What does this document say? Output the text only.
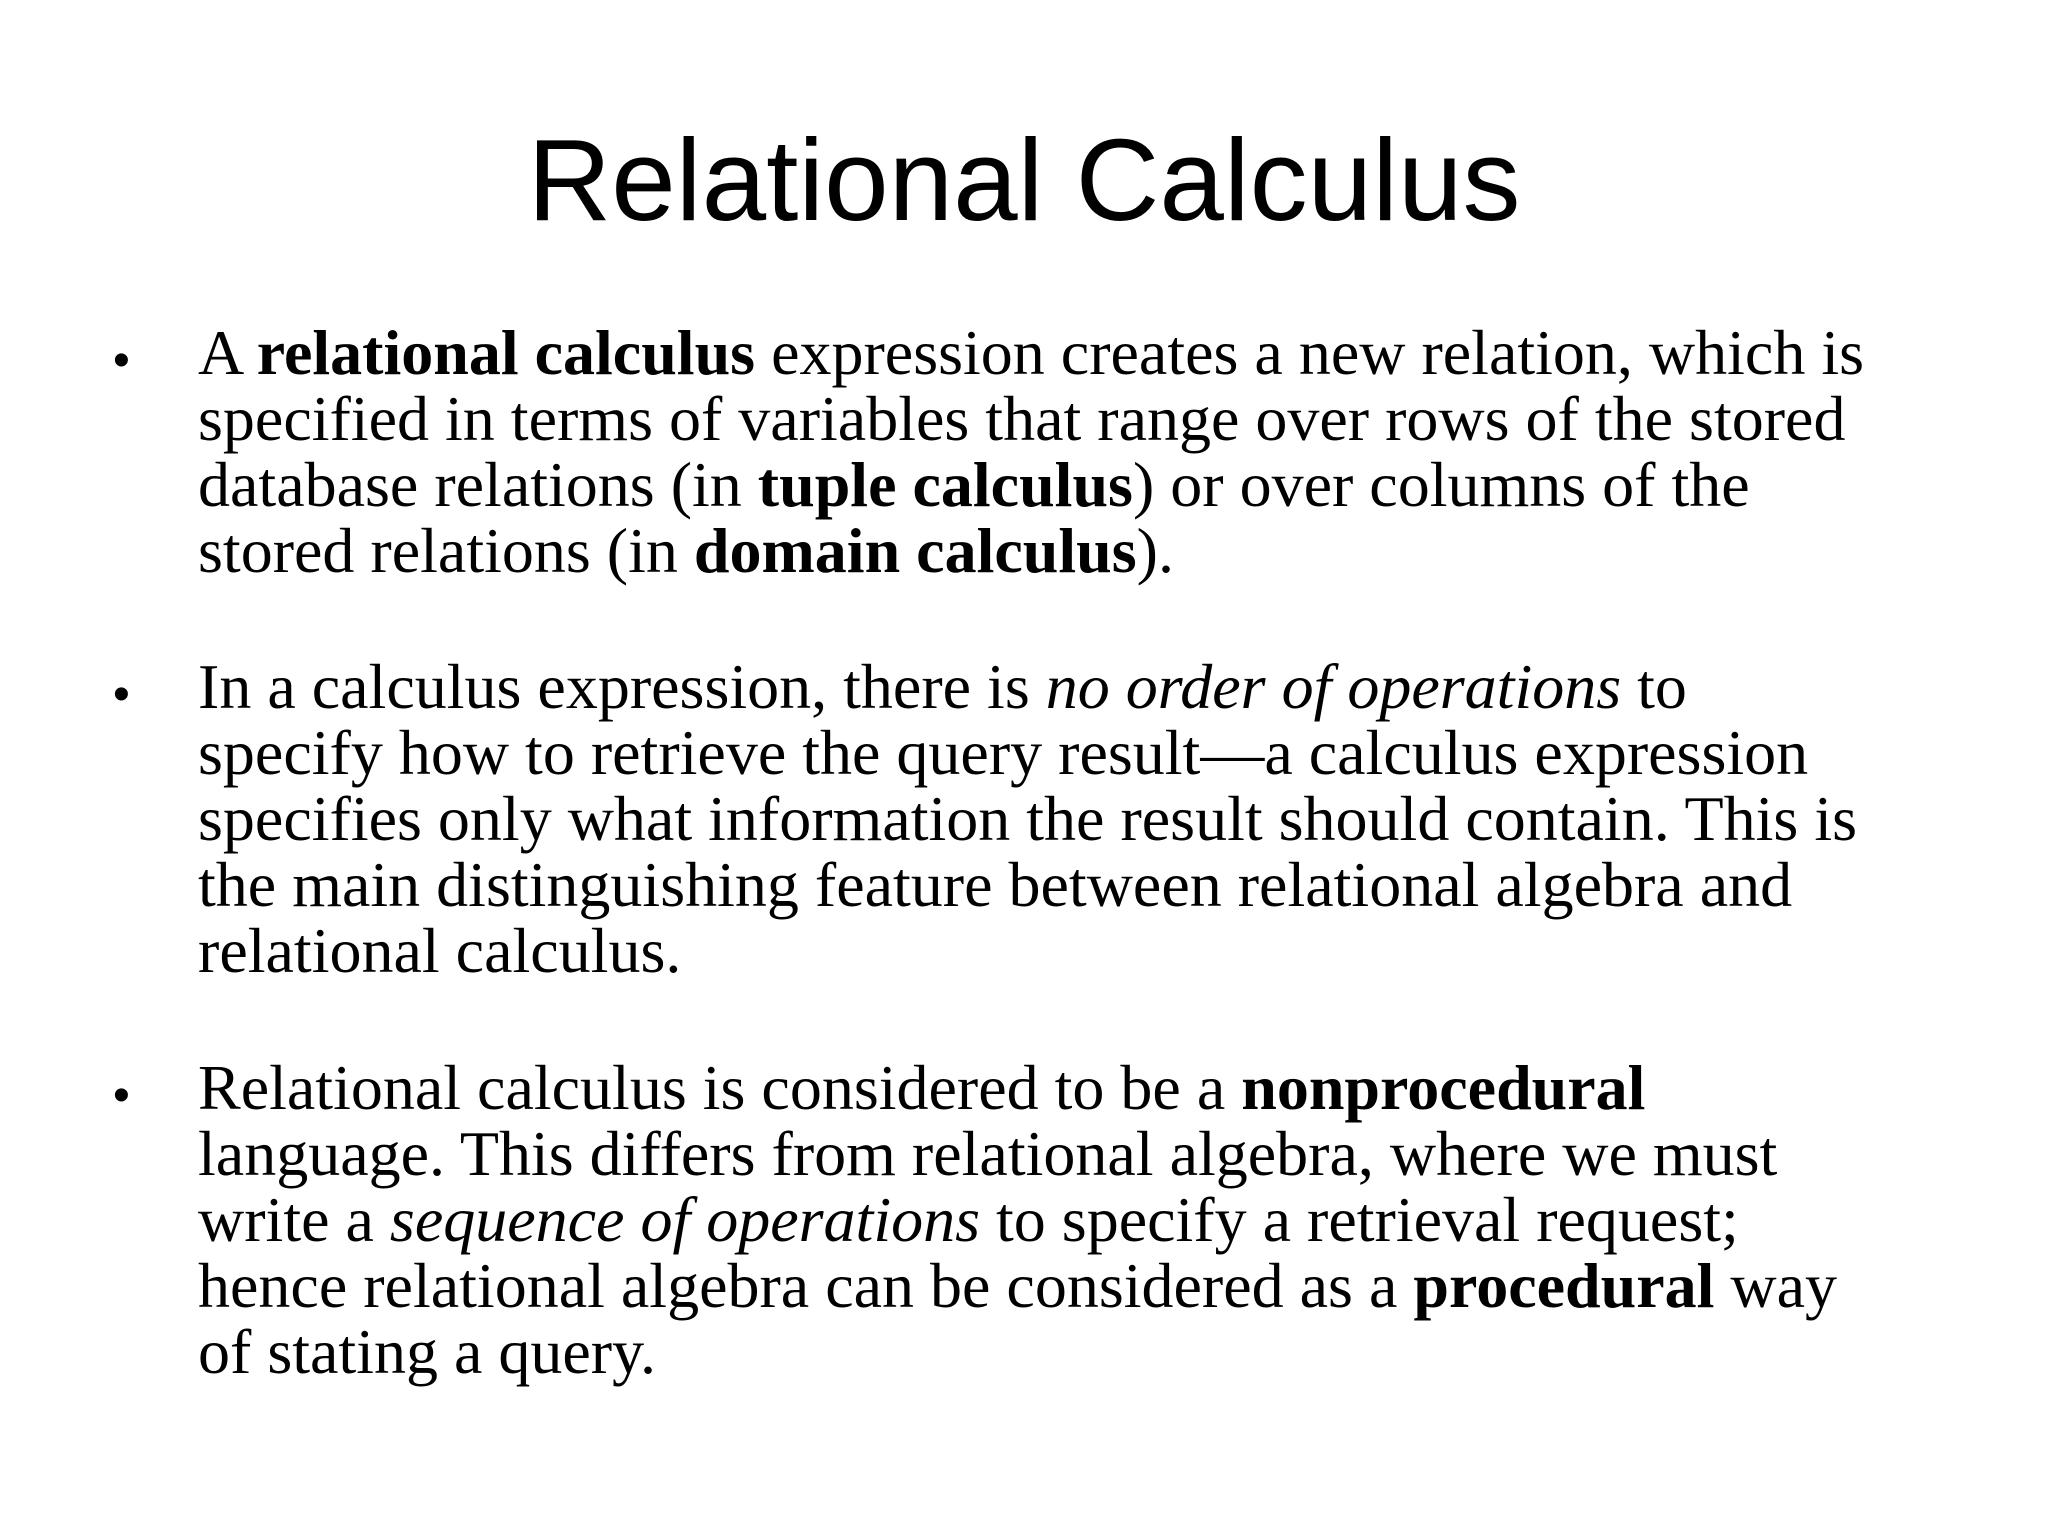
Relational Calculus
• A relational calculus expression creates a new relation, which is
specified in terms of variables that range over rows of the stored
database relations (in tuple calculus) or over columns of the
stored relations (in domain calculus).
• In a calculus expression, there is no order of operations to
specify how to retrieve the query result—a calculus expression
specifies only what information the result should contain. This is
the main distinguishing feature between relational algebra and
relational calculus.
• Relational calculus is considered to be a nonprocedural
language. This differs from relational algebra, where we must
write a sequence of operations to specify a retrieval request;
hence relational algebra can be considered as a procedural way
of stating a query.
